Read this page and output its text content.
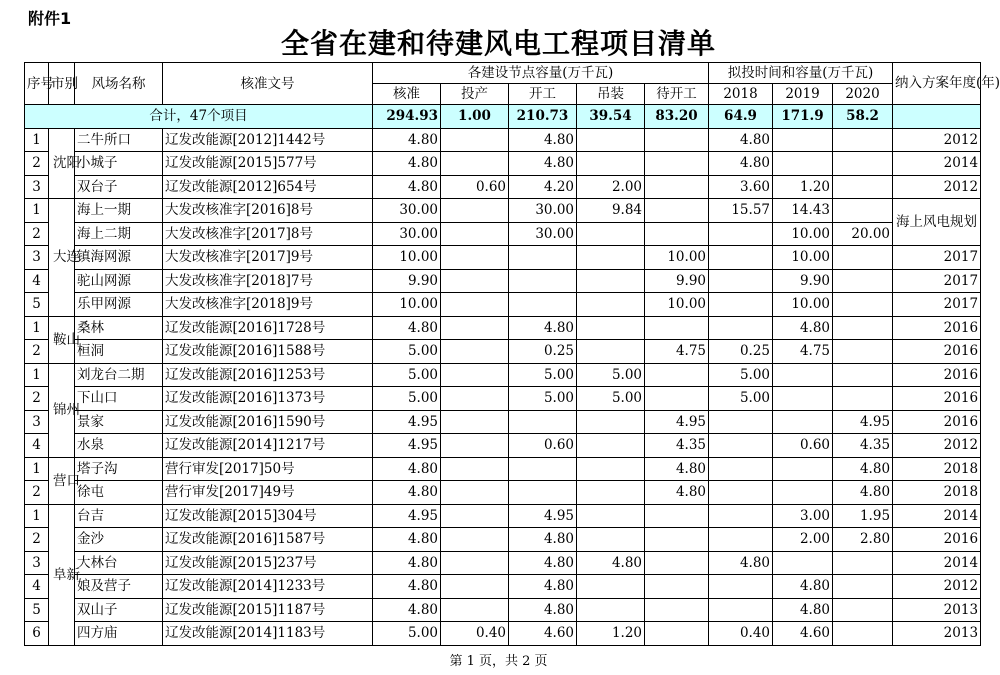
附件1
全省在建和待建风电工程项目清单
序号	市别	风场名称	核准文号	各建设节点容量(万千瓦)					拟投时间和容量(万千瓦)			纳入方案年度(年)
				核准	投产	开工	吊装	待开工	2018	2019	2020	
合计，47个项目				294.93	1.00	210.73	39.54	83.20	64.9	171.9	58.2	
1	沈阳	二牛所口	辽发改能源[2012]1442号	4.80		4.80			4.80			2012
2		小城子	辽发改能源[2015]577号	4.80		4.80			4.80			2014
3		双台子	辽发改能源[2012]654号	4.80	0.60	4.20	2.00		3.60	1.20		2012
1	大连	海上一期	大发改核准字[2016]8号	30.00		30.00	9.84		15.57	14.43		海上风电规划
2		海上二期	大发改核准字[2017]8号	30.00		30.00				10.00	20.00	
3		镇海网源	大发改核准字[2017]9号	10.00				10.00		10.00		2017
4		驼山网源	大发改核准字[2018]7号	9.90				9.90		9.90		2017
5		乐甲网源	大发改核准字[2018]9号	10.00				10.00		10.00		2017
1	鞍山	桑林	辽发改能源[2016]1728号	4.80		4.80				4.80		2016
2		桓洞	辽发改能源[2016]1588号	5.00		0.25		4.75	0.25	4.75		2016
1	锦州	刘龙台二期	辽发改能源[2016]1253号	5.00		5.00	5.00		5.00			2016
2		下山口	辽发改能源[2016]1373号	5.00		5.00	5.00		5.00			2016
3		景家	辽发改能源[2016]1590号	4.95				4.95			4.95	2016
4		水泉	辽发改能源[2014]1217号	4.95		0.60		4.35		0.60	4.35	2012
1	营口	塔子沟	营行审发[2017]50号	4.80				4.80			4.80	2018
2		徐屯	营行审发[2017]49号	4.80				4.80			4.80	2018
1	阜新	台吉	辽发改能源[2015]304号	4.95		4.95				3.00	1.95	2014
2		金沙	辽发改能源[2016]1587号	4.80		4.80				2.00	2.80	2016
3		大林台	辽发改能源[2015]237号	4.80		4.80	4.80		4.80			2014
4		娘及营子	辽发改能源[2014]1233号	4.80		4.80				4.80		2012
5		双山子	辽发改能源[2015]1187号	4.80		4.80				4.80		2013
6		四方庙	辽发改能源[2014]1183号	5.00	0.40	4.60	1.20		0.40	4.60		2013
第 1 页，共 2 页
